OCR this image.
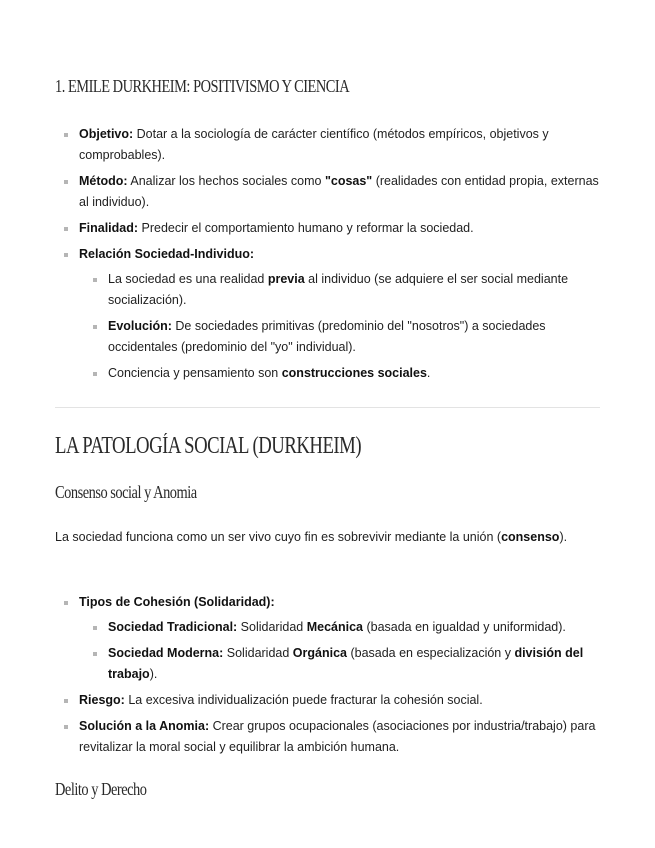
1. EMILE DURKHEIM: POSITIVISMO Y CIENCIA
Objetivo: Dotar a la sociología de carácter científico (métodos empíricos, objetivos y comprobables).
Método: Analizar los hechos sociales como "cosas" (realidades con entidad propia, externas al individuo).
Finalidad: Predecir el comportamiento humano y reformar la sociedad.
Relación Sociedad-Individuo:
La sociedad es una realidad previa al individuo (se adquiere el ser social mediante socialización).
Evolución: De sociedades primitivas (predominio del "nosotros") a sociedades occidentales (predominio del "yo" individual).
Conciencia y pensamiento son construcciones sociales.
LA PATOLOGÍA SOCIAL (DURKHEIM)
Consenso social y Anomia

La sociedad funciona como un ser vivo cuyo fin es sobrevivir mediante la unión (consenso).

Tipos de Cohesión (Solidaridad):
Sociedad Tradicional: Solidaridad Mecánica (basada en igualdad y uniformidad).
Sociedad Moderna: Solidaridad Orgánica (basada en especialización y división del trabajo).
Riesgo: La excesiva individualización puede fracturar la cohesión social.
Solución a la Anomia: Crear grupos ocupacionales (asociaciones por industria/trabajo) para revitalizar la moral social y equilibrar la ambición humana.
Delito y Derecho
